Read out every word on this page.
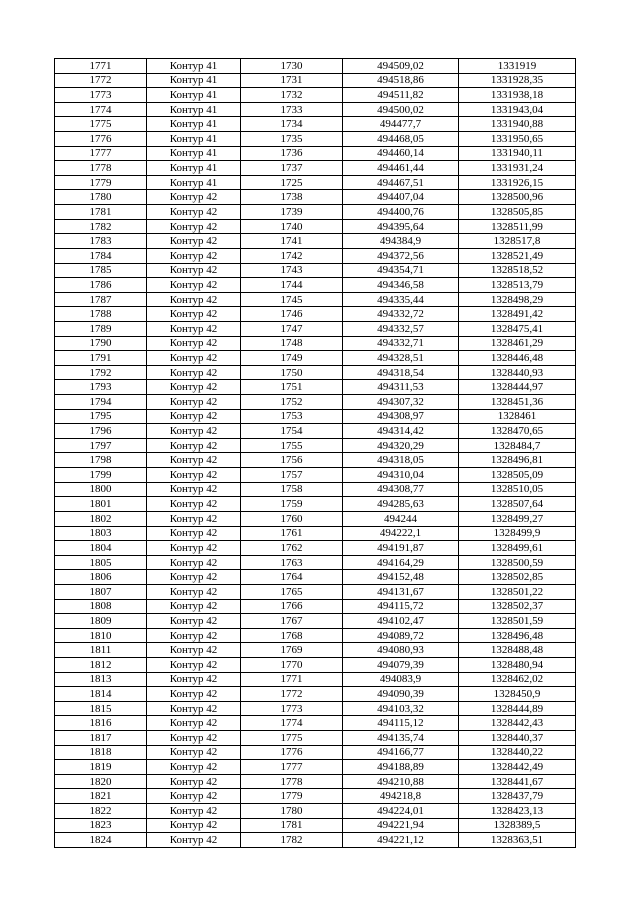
1771	Контур 41	1730	494509,02	1331919
1772	Контур 41	1731	494518,86	1331928,35
1773	Контур 41	1732	494511,82	1331938,18
1774	Контур 41	1733	494500,02	1331943,04
1775	Контур 41	1734	494477,7	1331940,88
1776	Контур 41	1735	494468,05	1331950,65
1777	Контур 41	1736	494460,14	1331940,11
1778	Контур 41	1737	494461,44	1331931,24
1779	Контур 41	1725	494467,51	1331926,15
1780	Контур 42	1738	494407,04	1328500,96
1781	Контур 42	1739	494400,76	1328505,85
1782	Контур 42	1740	494395,64	1328511,99
1783	Контур 42	1741	494384,9	1328517,8
1784	Контур 42	1742	494372,56	1328521,49
1785	Контур 42	1743	494354,71	1328518,52
1786	Контур 42	1744	494346,58	1328513,79
1787	Контур 42	1745	494335,44	1328498,29
1788	Контур 42	1746	494332,72	1328491,42
1789	Контур 42	1747	494332,57	1328475,41
1790	Контур 42	1748	494332,71	1328461,29
1791	Контур 42	1749	494328,51	1328446,48
1792	Контур 42	1750	494318,54	1328440,93
1793	Контур 42	1751	494311,53	1328444,97
1794	Контур 42	1752	494307,32	1328451,36
1795	Контур 42	1753	494308,97	1328461
1796	Контур 42	1754	494314,42	1328470,65
1797	Контур 42	1755	494320,29	1328484,7
1798	Контур 42	1756	494318,05	1328496,81
1799	Контур 42	1757	494310,04	1328505,09
1800	Контур 42	1758	494308,77	1328510,05
1801	Контур 42	1759	494285,63	1328507,64
1802	Контур 42	1760	494244	1328499,27
1803	Контур 42	1761	494222,1	1328499,9
1804	Контур 42	1762	494191,87	1328499,61
1805	Контур 42	1763	494164,29	1328500,59
1806	Контур 42	1764	494152,48	1328502,85
1807	Контур 42	1765	494131,67	1328501,22
1808	Контур 42	1766	494115,72	1328502,37
1809	Контур 42	1767	494102,47	1328501,59
1810	Контур 42	1768	494089,72	1328496,48
1811	Контур 42	1769	494080,93	1328488,48
1812	Контур 42	1770	494079,39	1328480,94
1813	Контур 42	1771	494083,9	1328462,02
1814	Контур 42	1772	494090,39	1328450,9
1815	Контур 42	1773	494103,32	1328444,89
1816	Контур 42	1774	494115,12	1328442,43
1817	Контур 42	1775	494135,74	1328440,37
1818	Контур 42	1776	494166,77	1328440,22
1819	Контур 42	1777	494188,89	1328442,49
1820	Контур 42	1778	494210,88	1328441,67
1821	Контур 42	1779	494218,8	1328437,79
1822	Контур 42	1780	494224,01	1328423,13
1823	Контур 42	1781	494221,94	1328389,5
1824	Контур 42	1782	494221,12	1328363,51
